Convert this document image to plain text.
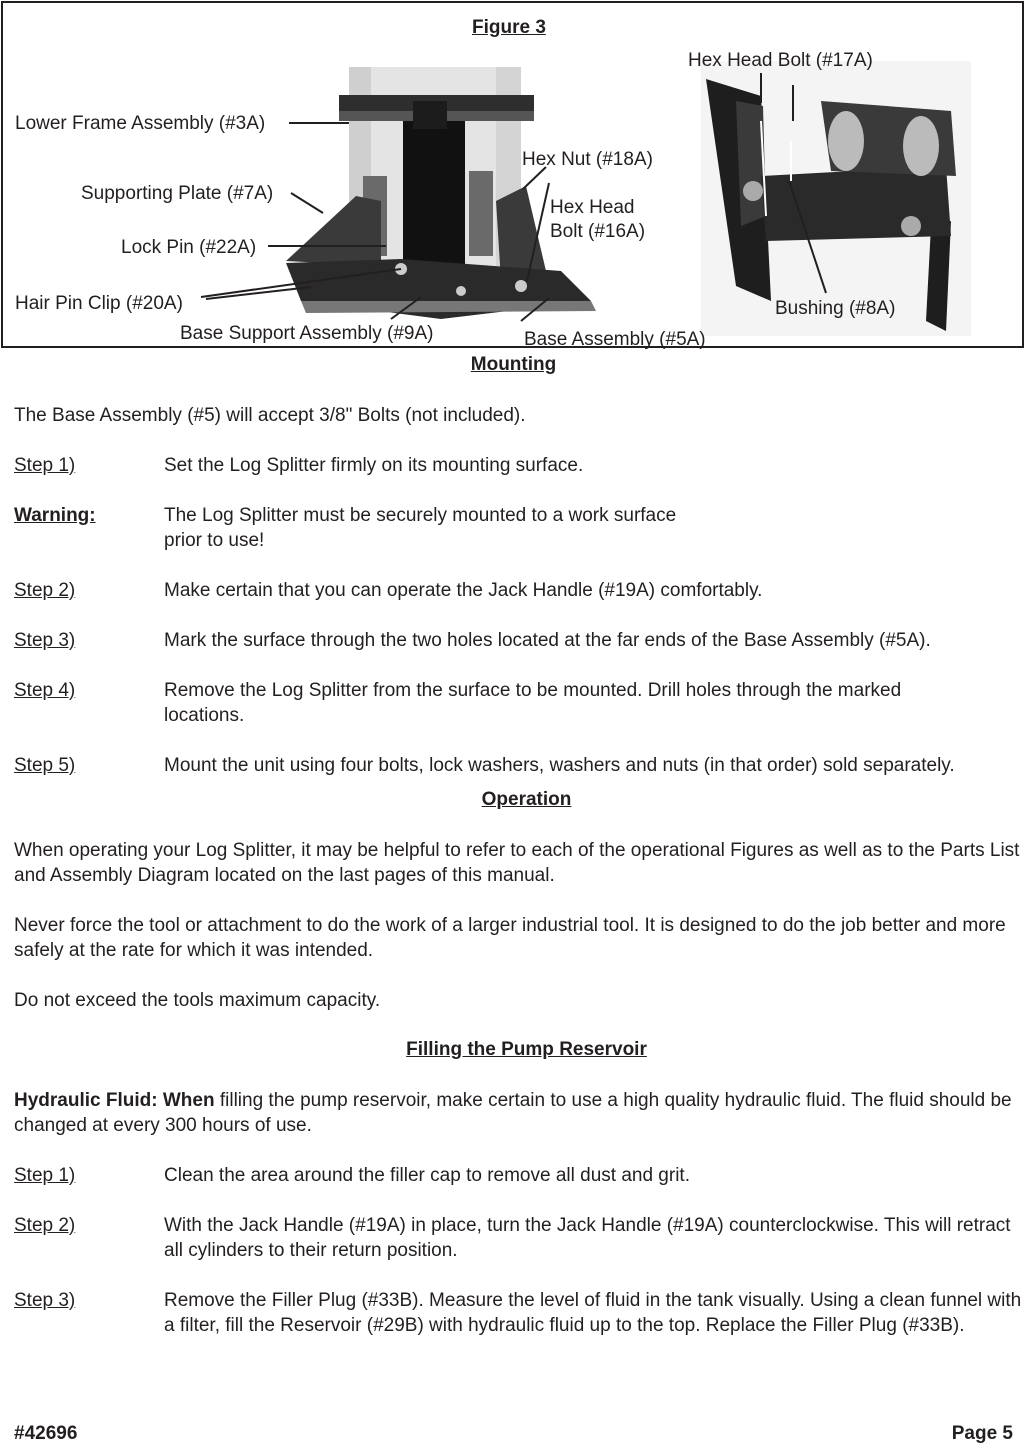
Figure 3
Lower Frame Assembly (#3A)
Supporting Plate (#7A)
Lock Pin (#22A)
Hair Pin Clip (#20A)
Base Support Assembly (#9A)	Base Assembly (#5A)
Hex Nut (#18A)
Hex Head
Bolt (#16A)
Hex Head Bolt (#17A)
Bushing (#8A)
Mounting
The Base Assembly (#5) will accept 3/8" Bolts (not included).
Step 1)	Set the Log Splitter firmly on its mounting surface.
Warning:	The Log Splitter must be securely mounted to a work surface
prior to use!
Step 2)	Make certain that you can operate the Jack Handle (#19A) comfortably.
Step 3)	Mark the surface through the two holes located at the far ends of the Base Assembly (#5A).
Step 4)	Remove the Log Splitter from the surface to be mounted. Drill holes through the marked
locations.
Step 5)	Mount the unit using four bolts, lock washers, washers and nuts (in that order) sold separately.
Operation
When operating your Log Splitter, it may be helpful to refer to each of the operational Figures as well as to the Parts List and Assembly Diagram located on the last pages of this manual.
Never force the tool or attachment to do the work of a larger industrial tool. It is designed to do the job better and more safely at the rate for which it was intended.
Do not exceed the tools maximum capacity.
Filling the Pump Reservoir
Hydraulic Fluid: When filling the pump reservoir, make certain to use a high quality hydraulic fluid. The fluid should be changed at every 300 hours of use.
Step 1)	Clean the area around the filler cap to remove all dust and grit.
Step 2)	With the Jack Handle (#19A) in place, turn the Jack Handle (#19A) counterclockwise. This will retract all cylinders to their return position.
Step 3)	Remove the Filler Plug (#33B). Measure the level of fluid in the tank visually. Using a clean funnel with a filter, fill the Reservoir (#29B) with hydraulic fluid up to the top. Replace the Filler Plug (#33B).
#42696	Page 5
